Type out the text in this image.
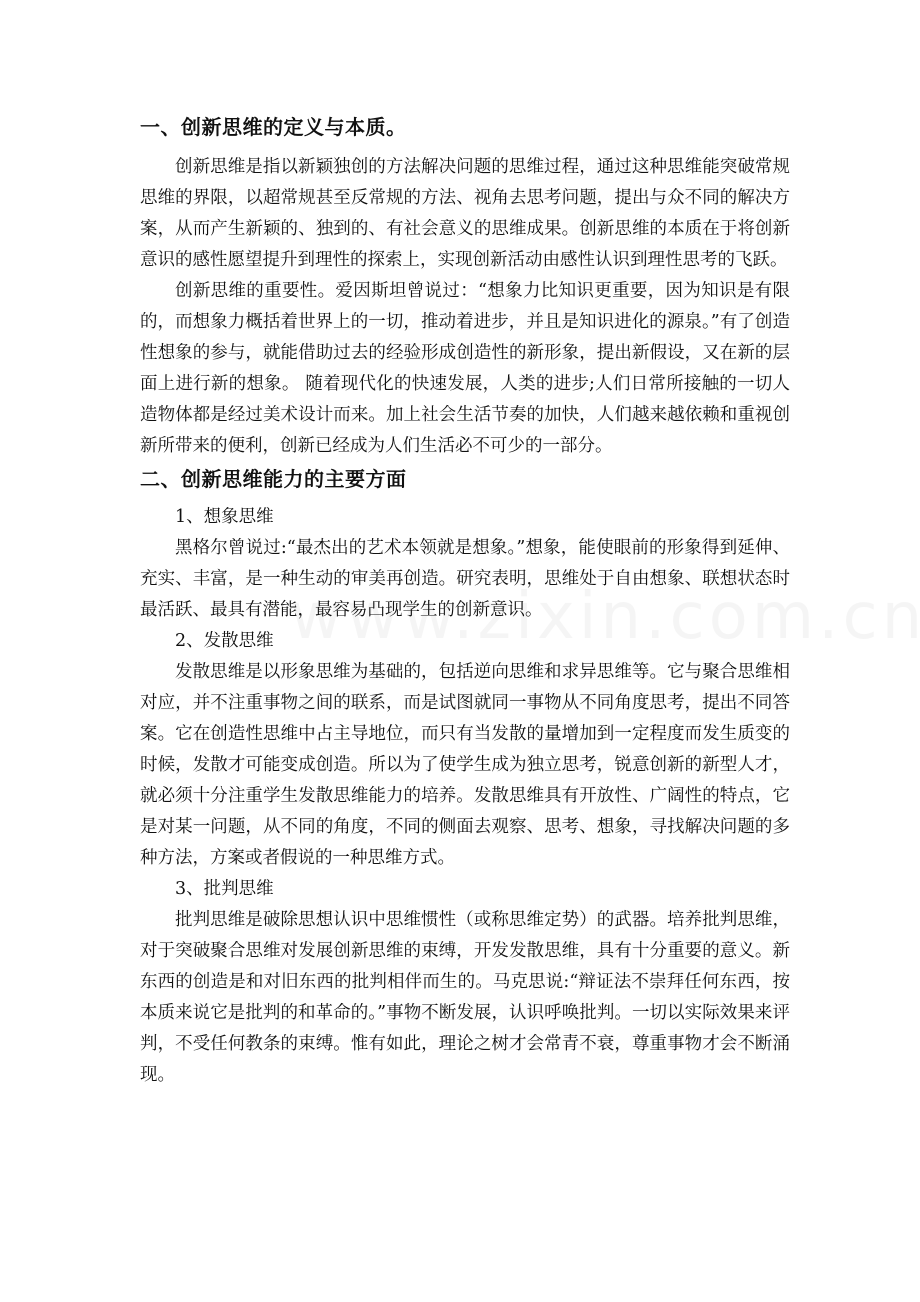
一、创新思维的定义与本质。

创新思维是指以新颖独创的方法解决问题的思维过程，通过这种思维能突破常规思维的界限，以超常规甚至反常规的方法、视角去思考问题，提出与众不同的解决方案，从而产生新颖的、独到的、有社会意义的思维成果。创新思维的本质在于将创新意识的感性愿望提升到理性的探索上，实现创新活动由感性认识到理性思考的飞跃。

创新思维的重要性。爱因斯坦曾说过：“想象力比知识更重要，因为知识是有限的，而想象力概括着世界上的一切，推动着进步，并且是知识进化的源泉。”有了创造性想象的参与，就能借助过去的经验形成创造性的新形象，提出新假设，又在新的层面上进行新的想象。 随着现代化的快速发展，人类的进步;人们日常所接触的一切人造物体都是经过美术设计而来。加上社会生活节奏的加快，人们越来越依赖和重视创新所带来的便利，创新已经成为人们生活必不可少的一部分。

二、创新思维能力的主要方面

1、想象思维

黑格尔曾说过:“最杰出的艺术本领就是想象。”想象，能使眼前的形象得到延伸、充实、丰富，是一种生动的审美再创造。研究表明，思维处于自由想象、联想状态时最活跃、最具有潜能，最容易凸现学生的创新意识。

2、发散思维

发散思维是以形象思维为基础的，包括逆向思维和求异思维等。它与聚合思维相对应，并不注重事物之间的联系，而是试图就同一事物从不同角度思考，提出不同答案。它在创造性思维中占主导地位，而只有当发散的量增加到一定程度而发生质变的时候，发散才可能变成创造。所以为了使学生成为独立思考，锐意创新的新型人才，就必须十分注重学生发散思维能力的培养。发散思维具有开放性、广阔性的特点，它是对某一问题，从不同的角度，不同的侧面去观察、思考、想象，寻找解决问题的多种方法，方案或者假说的一种思维方式。

3、批判思维

批判思维是破除思想认识中思维惯性（或称思维定势）的武器。培养批判思维，对于突破聚合思维对发展创新思维的束缚，开发发散思维，具有十分重要的意义。新东西的创造是和对旧东西的批判相伴而生的。马克思说:“辩证法不崇拜任何东西，按本质来说它是批判的和革命的。”事物不断发展，认识呼唤批判。一切以实际效果来评判，不受任何教条的束缚。惟有如此，理论之树才会常青不衰，尊重事物才会不断涌现。
